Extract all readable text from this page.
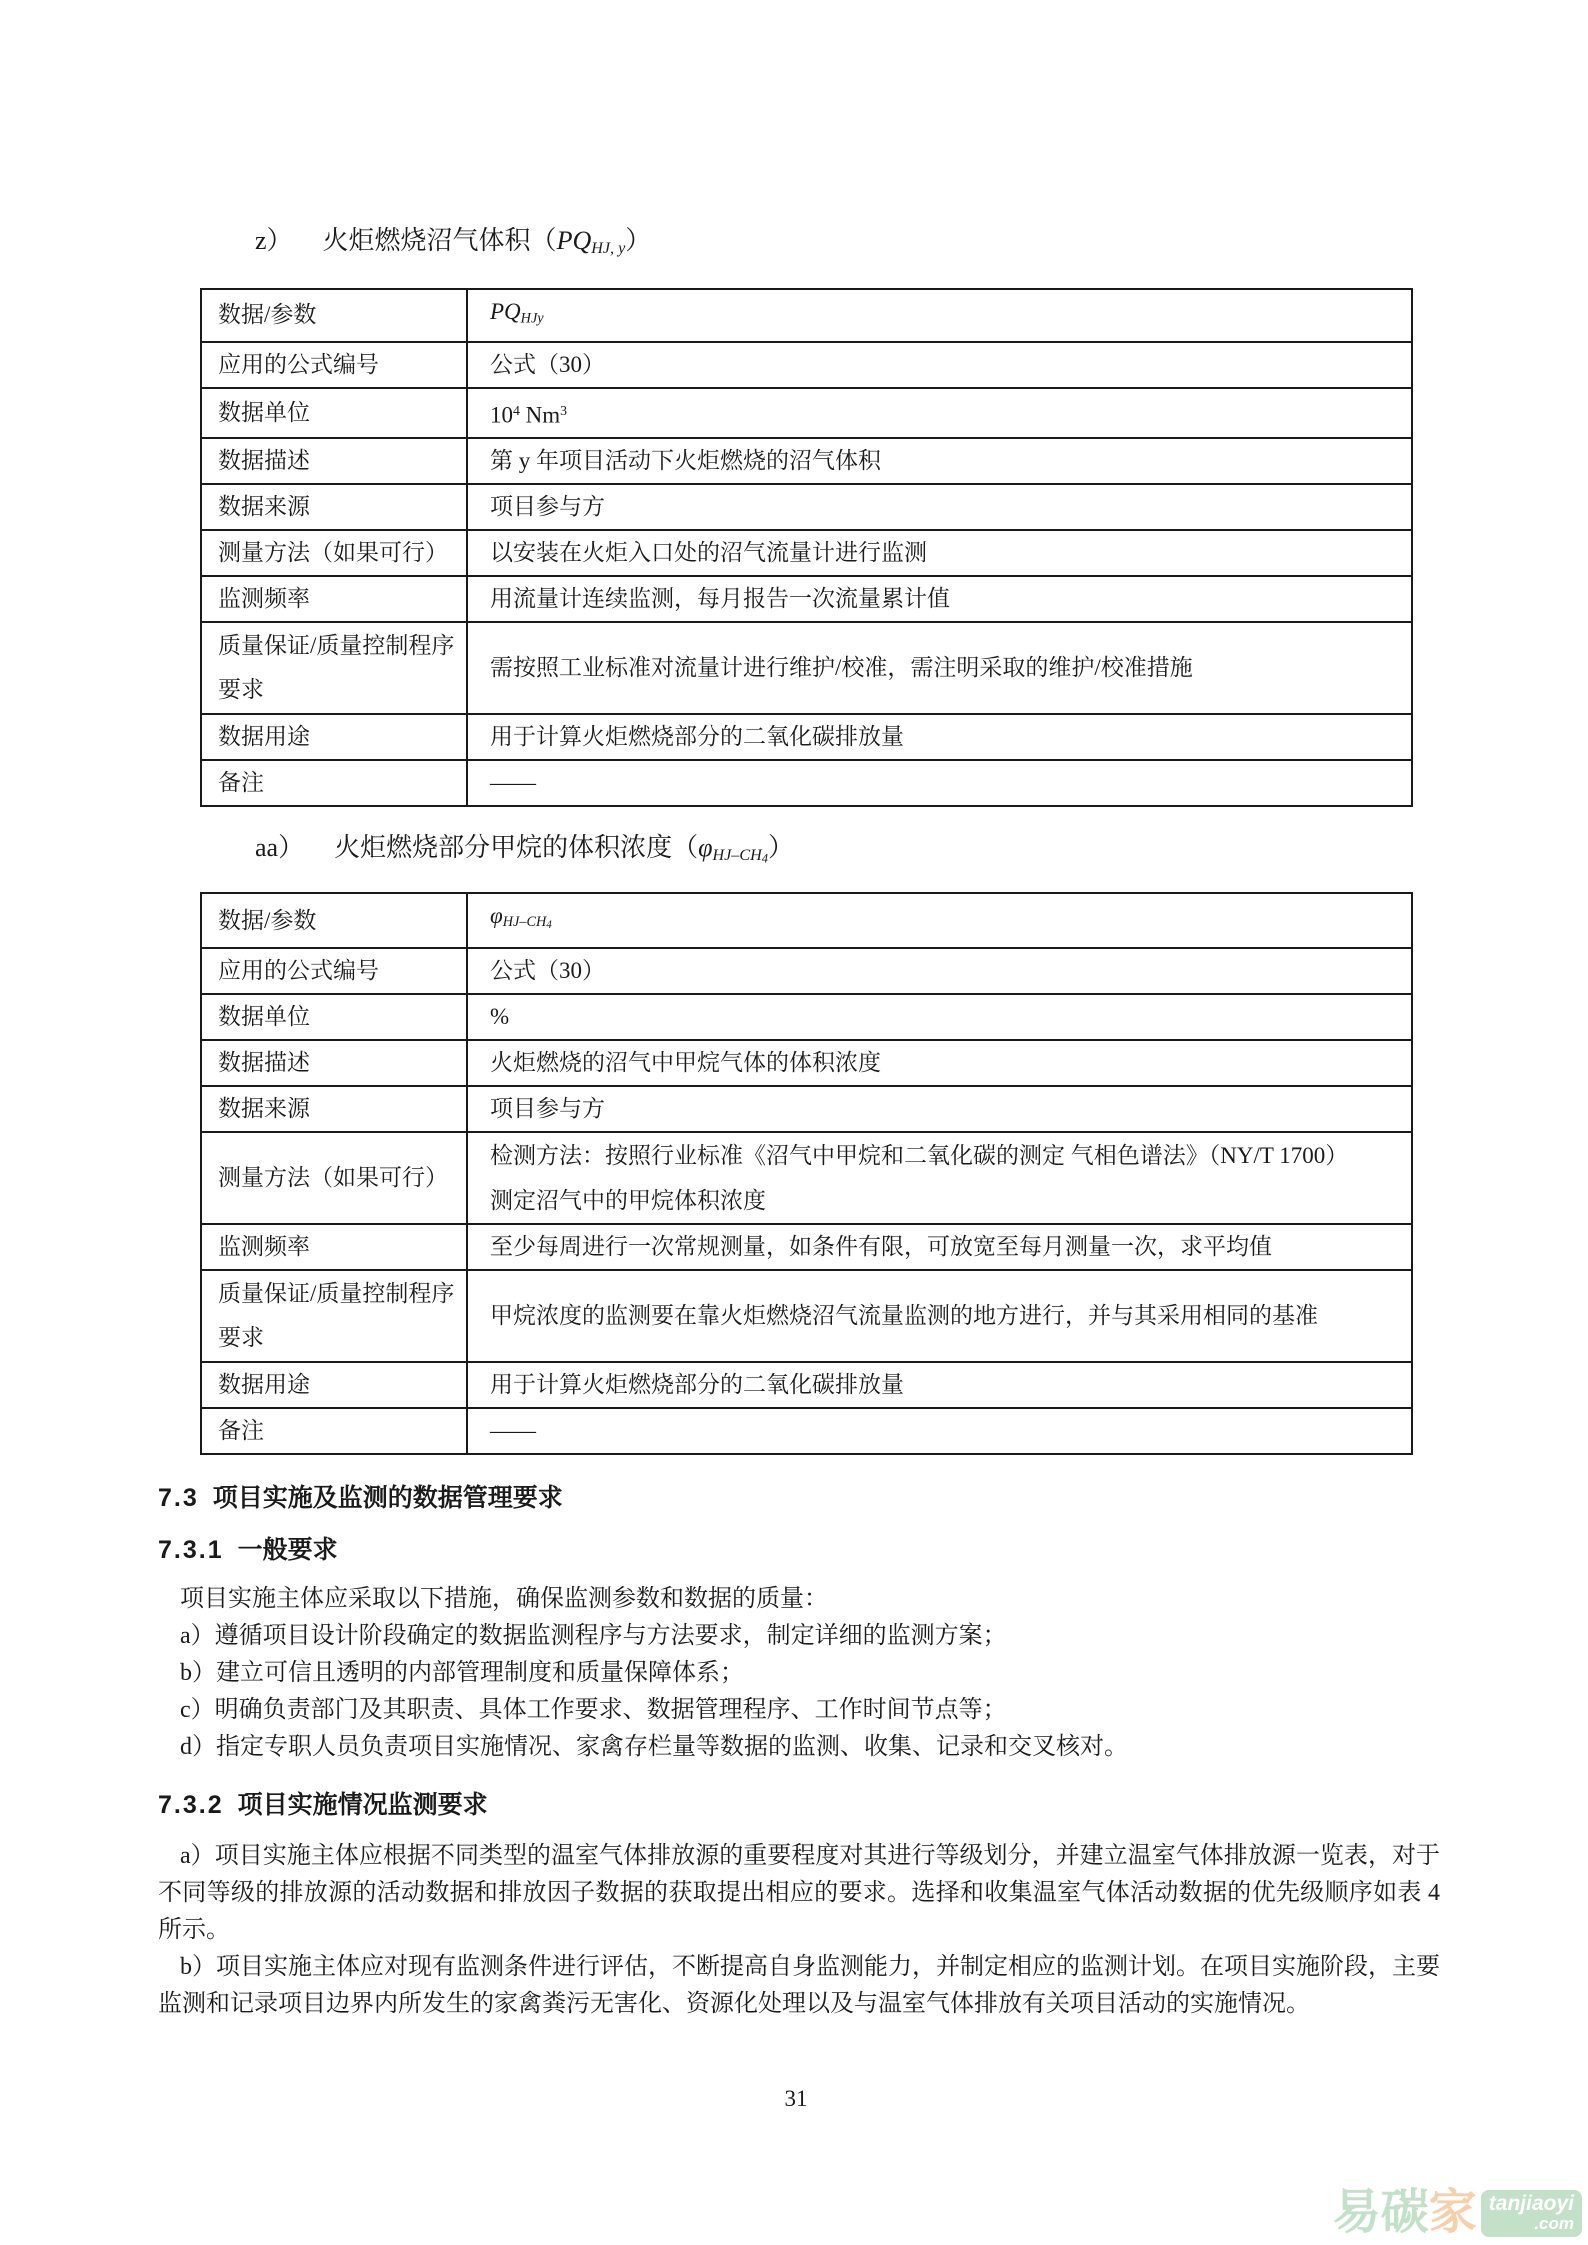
z） 火炬燃烧沼气体积$(PQ_{HJ, y})$
数据/参数	$PQ_{HJy}$
应用的公式编号	公式（30）
数据单位	$10^4$ Nm$^3$
数据描述	第 y 年项目活动下火炬燃烧的沼气体积
数据来源	项目参与方
测量方法（如果可行）	以安装在火炬入口处的沼气流量计进行监测
监测频率	用流量计连续监测，每月报告一次流量累计值
质量保证/质量控制程序要求	需按照工业标准对流量计进行维护/校准，需注明采取的维护/校准措施
数据用途	用于计算火炬燃烧部分的二氧化碳排放量
备注	——
aa） 火炬燃烧部分甲烷的体积浓度$(\varphi_{HJ-CH4})$
数据/参数	$\varphi_{HJ-CH4}$
应用的公式编号	公式（30）
数据单位	%
数据描述	火炬燃烧的沼气中甲烷气体的体积浓度
数据来源	项目参与方
测量方法（如果可行）	检测方法：按照行业标准《沼气中甲烷和二氧化碳的测定 气相色谱法》（NY/T 1700）
测定沼气中的甲烷体积浓度

监测频率	至少每周进行一次常规测量，如条件有限，可放宽至每月测量一次，求平均值
质量保证/质量控制程序要求	甲烷浓度的监测要在靠火炬燃烧沼气流量监测的地方进行，并与其采用相同的基准
数据用途	用于计算火炬燃烧部分的二氧化碳排放量
备注	——
7.3 项目实施及监测的数据管理要求
7.3.1 一般要求
项目实施主体应采取以下措施，确保监测参数和数据的质量：
a）遵循项目设计阶段确定的数据监测程序与方法要求，制定详细的监测方案；
b）建立可信且透明的内部管理制度和质量保障体系；
c）明确负责部门及其职责、具体工作要求、数据管理程序、工作时间节点等；
d）指定专职人员负责项目实施情况、家禽存栏量等数据的监测、收集、记录和交叉核对。
7.3.2 项目实施情况监测要求
a）项目实施主体应根据不同类型的温室气体排放源的重要程度对其进行等级划分，并建立温室气体排放源一览表，对于不同等级的排放源的活动数据和排放因子数据的获取提出相应的要求。选择和收集温室气体活动数据的优先级顺序如表 4 所示。
b）项目实施主体应对现有监测条件进行评估，不断提高自身监测能力，并制定相应的监测计划。在项目实施阶段，主要监测和记录项目边界内所发生的家禽粪污无害化、资源化处理以及与温室气体排放有关项目活动的实施情况。
31
易碳 家 tanjiaoyi
.com
